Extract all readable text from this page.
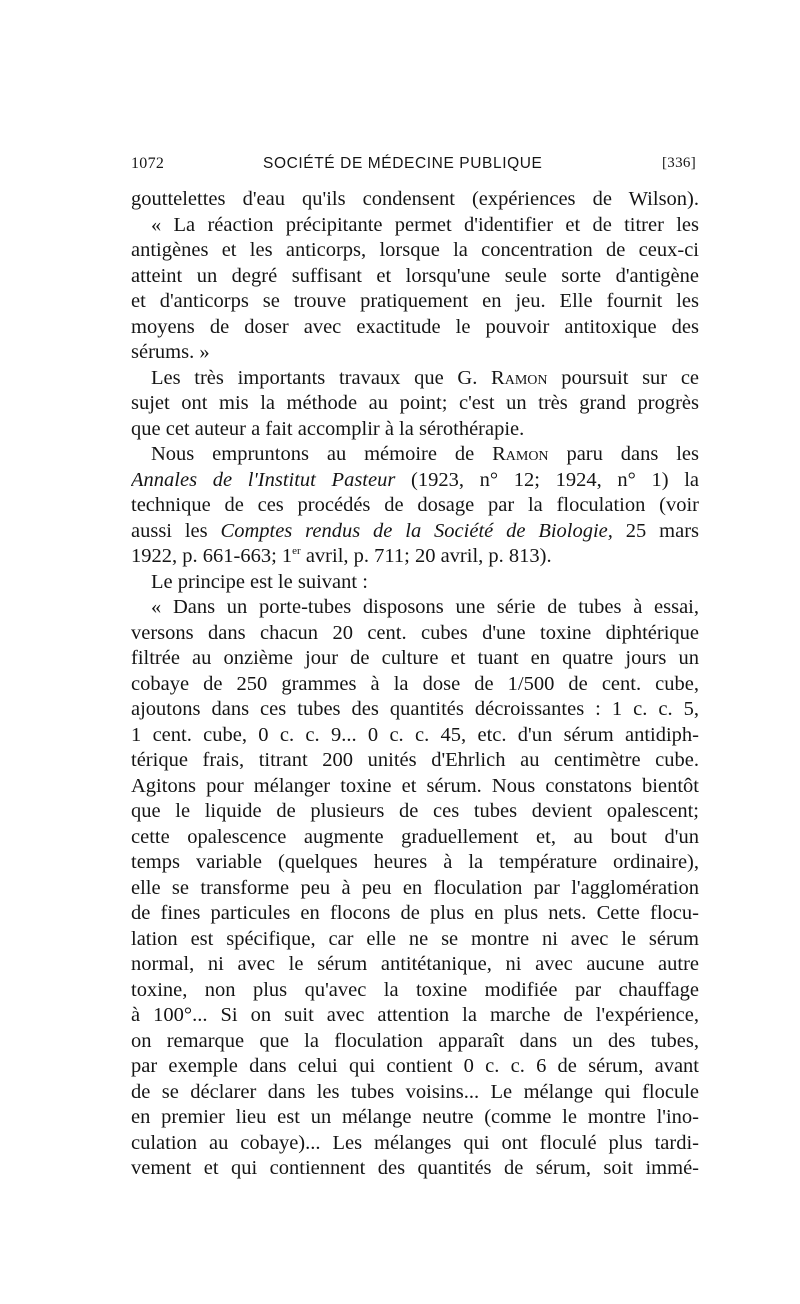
1072	SOCIÉTÉ DE MÉDECINE PUBLIQUE	[336]
gouttelettes d'eau qu'ils condensent (expériences de Wilson).
« La réaction précipitante permet d'identifier et de titrer les
antigènes et les anticorps, lorsque la concentration de ceux-ci
atteint un degré suffisant et lorsqu'une seule sorte d'antigène
et d'anticorps se trouve pratiquement en jeu. Elle fournit les
moyens de doser avec exactitude le pouvoir antitoxique des
sérums. »
Les très importants travaux que G. Ramon poursuit sur ce
sujet ont mis la méthode au point; c'est un très grand progrès
que cet auteur a fait accomplir à la sérothérapie.
Nous empruntons au mémoire de Ramon paru dans les
Annales de l'Institut Pasteur (1923, n° 12; 1924, n° 1) la
technique de ces procédés de dosage par la floculation (voir
aussi les Comptes rendus de la Société de Biologie, 25 mars
1922, p. 661-663; 1er avril, p. 711; 20 avril, p. 813).
Le principe est le suivant :
« Dans un porte-tubes disposons une série de tubes à essai,
versons dans chacun 20 cent. cubes d'une toxine diphtérique
filtrée au onzième jour de culture et tuant en quatre jours un
cobaye de 250 grammes à la dose de 1/500 de cent. cube,
ajoutons dans ces tubes des quantités décroissantes : 1 c. c. 5,
1 cent. cube, 0 c. c. 9... 0 c. c. 45, etc. d'un sérum antidiph-
térique frais, titrant 200 unités d'Ehrlich au centimètre cube.
Agitons pour mélanger toxine et sérum. Nous constatons bientôt
que le liquide de plusieurs de ces tubes devient opalescent;
cette opalescence augmente graduellement et, au bout d'un
temps variable (quelques heures à la température ordinaire),
elle se transforme peu à peu en floculation par l'agglomération
de fines particules en flocons de plus en plus nets. Cette flocu-
lation est spécifique, car elle ne se montre ni avec le sérum
normal, ni avec le sérum antitétanique, ni avec aucune autre
toxine, non plus qu'avec la toxine modifiée par chauffage
à 100°... Si on suit avec attention la marche de l'expérience,
on remarque que la floculation apparaît dans un des tubes,
par exemple dans celui qui contient 0 c. c. 6 de sérum, avant
de se déclarer dans les tubes voisins... Le mélange qui flocule
en premier lieu est un mélange neutre (comme le montre l'ino-
culation au cobaye)... Les mélanges qui ont floculé plus tardi-
vement et qui contiennent des quantités de sérum, soit immé-
